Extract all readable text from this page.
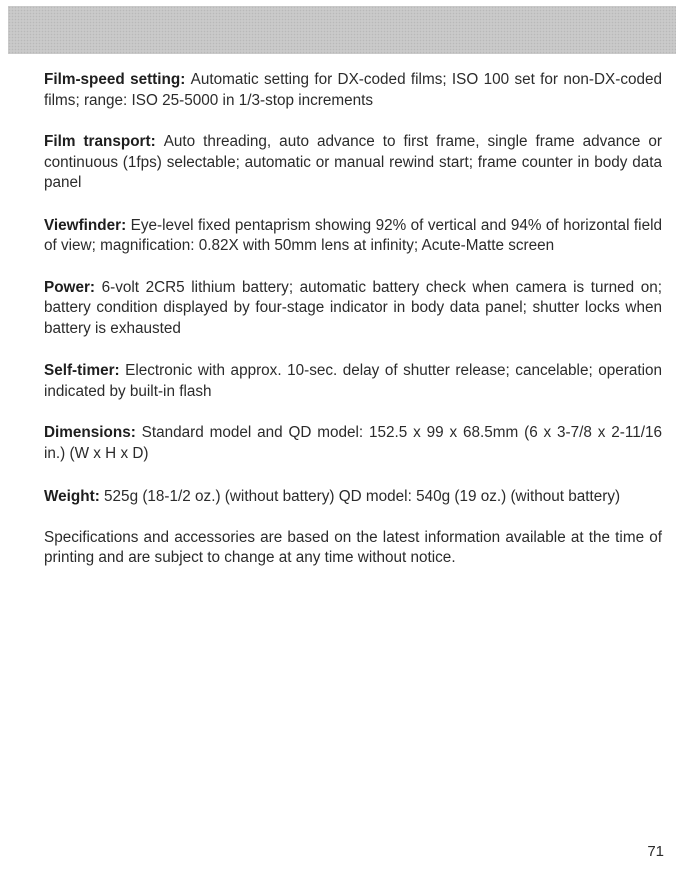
Film-speed setting: Automatic setting for DX-coded films; ISO 100 set for non-DX-coded films; range: ISO 25-5000 in 1/3-stop increments

Film transport: Auto threading, auto advance to first frame, single frame advance or continuous (1fps) selectable; automatic or manual rewind start; frame counter in body data panel

Viewfinder: Eye-level fixed pentaprism showing 92% of vertical and 94% of horizontal field of view; magnification: 0.82X with 50mm lens at infinity; Acute-Matte screen

Power: 6-volt 2CR5 lithium battery; automatic battery check when camera is turned on; battery condition displayed by four-stage indicator in body data panel; shutter locks when battery is exhausted

Self-timer: Electronic with approx. 10-sec. delay of shutter release; cancelable; operation indicated by built-in flash

Dimensions: Standard model and QD model: 152.5 x 99 x 68.5mm (6 x 3-7/8 x 2-11/16 in.) (W x H x D)

Weight: 525g (18-1/2 oz.) (without battery) QD model: 540g (19 oz.) (without battery)

Specifications and accessories are based on the latest information available at the time of printing and are subject to change at any time without notice.

71
